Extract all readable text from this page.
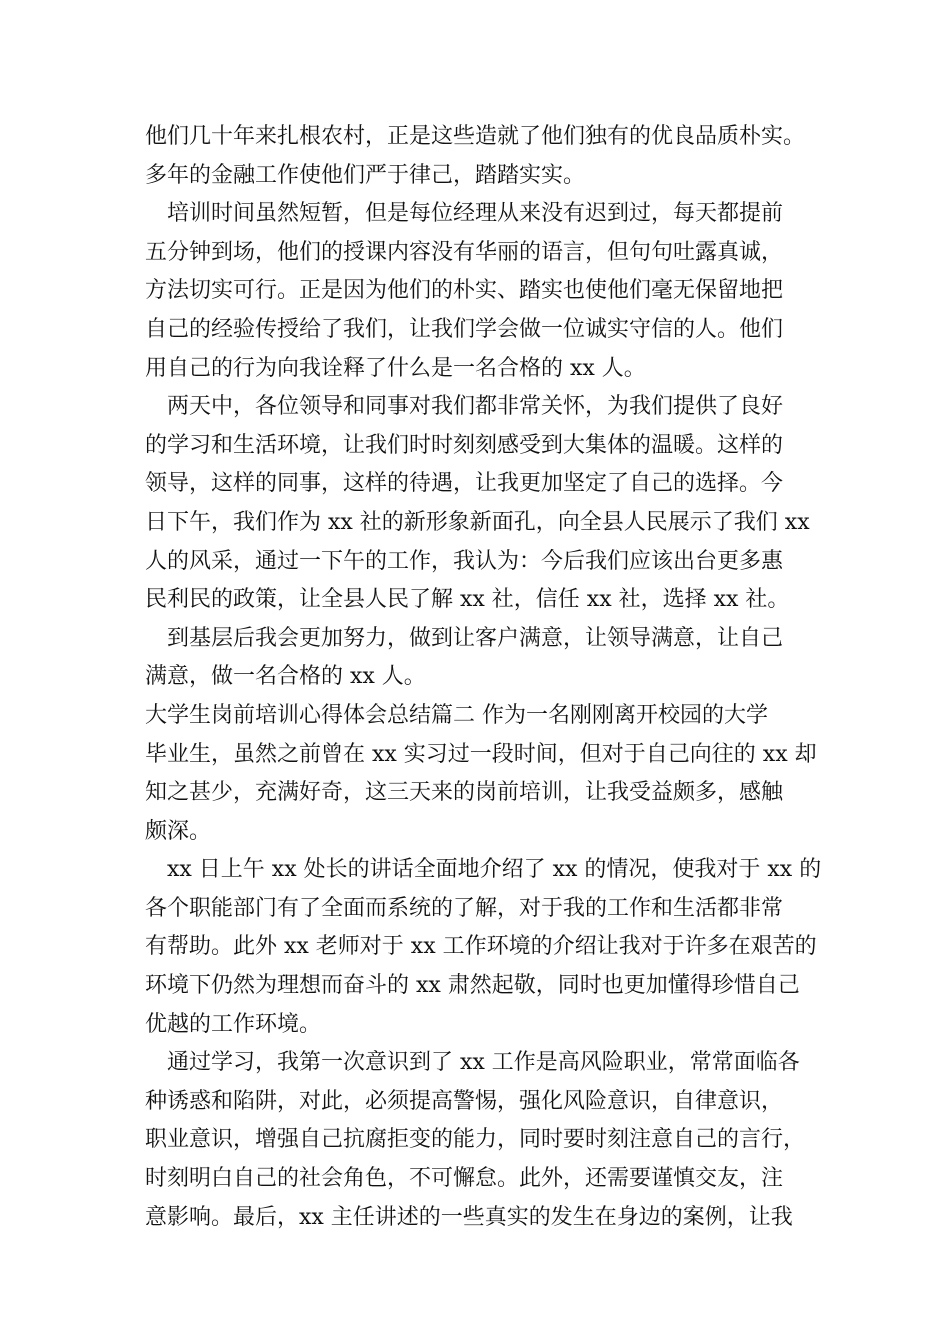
他们几十年来扎根农村，正是这些造就了他们独有的优良品质朴实。
多年的金融工作使他们严于律己，踏踏实实。
培训时间虽然短暂，但是每位经理从来没有迟到过，每天都提前
五分钟到场，他们的授课内容没有华丽的语言，但句句吐露真诚，
方法切实可行。正是因为他们的朴实、踏实也使他们毫无保留地把
自己的经验传授给了我们，让我们学会做一位诚实守信的人。他们
用自己的行为向我诠释了什么是一名合格的 xx 人。
两天中，各位领导和同事对我们都非常关怀，为我们提供了良好
的学习和生活环境，让我们时时刻刻感受到大集体的温暖。这样的
领导，这样的同事，这样的待遇，让我更加坚定了自己的选择。今
日下午，我们作为 xx 社的新形象新面孔，向全县人民展示了我们 xx
人的风采，通过一下午的工作，我认为：今后我们应该出台更多惠
民利民的政策，让全县人民了解 xx 社，信任 xx 社，选择 xx 社。
到基层后我会更加努力，做到让客户满意，让领导满意，让自己
满意，做一名合格的 xx 人。
大学生岗前培训心得体会总结篇二 作为一名刚刚离开校园的大学
毕业生，虽然之前曾在 xx 实习过一段时间，但对于自己向往的 xx 却
知之甚少，充满好奇，这三天来的岗前培训，让我受益颇多，感触
颇深。
xx 日上午 xx 处长的讲话全面地介绍了 xx 的情况，使我对于 xx 的
各个职能部门有了全面而系统的了解，对于我的工作和生活都非常
有帮助。此外 xx 老师对于 xx 工作环境的介绍让我对于许多在艰苦的
环境下仍然为理想而奋斗的 xx 肃然起敬，同时也更加懂得珍惜自己
优越的工作环境。
通过学习，我第一次意识到了 xx 工作是高风险职业，常常面临各
种诱惑和陷阱，对此，必须提高警惕，强化风险意识，自律意识，
职业意识，增强自己抗腐拒变的能力，同时要时刻注意自己的言行，
时刻明白自己的社会角色，不可懈怠。此外，还需要谨慎交友，注
意影响。最后，xx 主任讲述的一些真实的发生在身边的案例，让我
